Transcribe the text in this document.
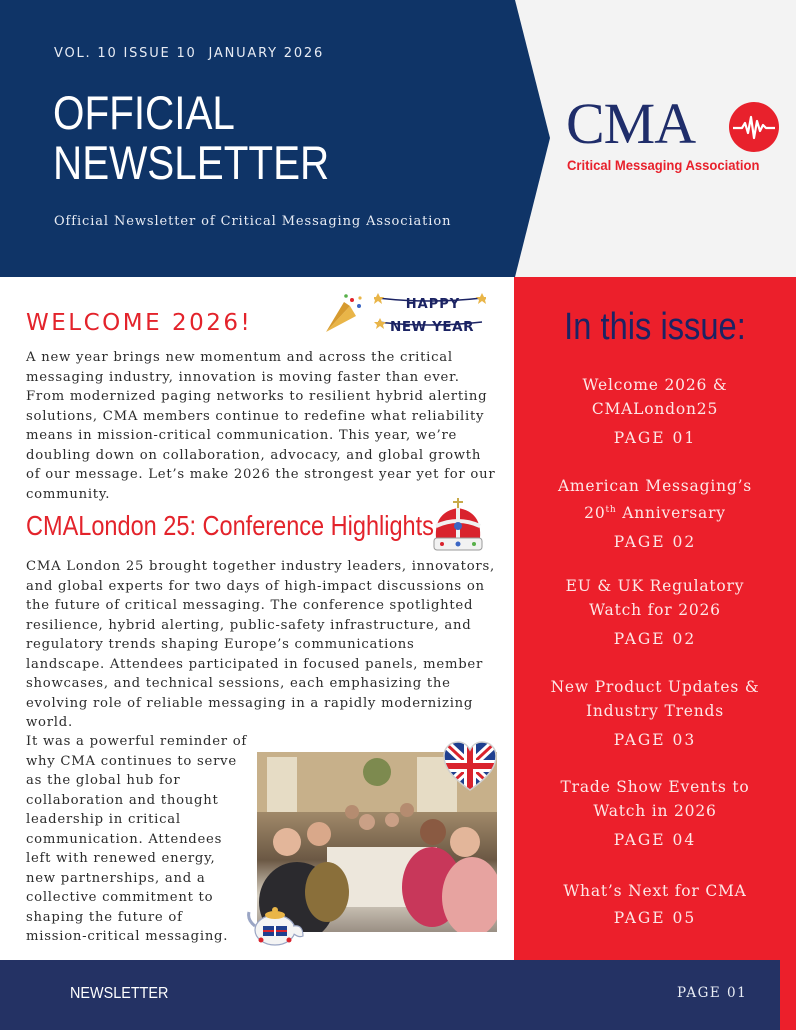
VOL. 10 ISSUE 10  JANUARY 2026
OFFICIAL
NEWSLETTER
Official Newsletter of Critical Messaging Association
CMA
Critical Messaging Association
WELCOME 2026!
HAPPY
NEW YEAR

A new year brings new momentum and across the critical messaging industry, innovation is moving faster than ever. From modernized paging networks to resilient hybrid alerting solutions, CMA members continue to redefine what reliability means in mission-critical communication. This year, we’re doubling down on collaboration, advocacy, and global growth of our message. Let’s make 2026 the strongest year yet for our community.

CMALondon 25: Conference Highlights

CMA London 25 brought together industry leaders, innovators, and global experts for two days of high-impact discussions on the future of critical messaging. The conference spotlighted resilience, hybrid alerting, public-safety infrastructure, and regulatory trends shaping Europe’s communications landscape. Attendees participated in focused panels, member showcases, and technical sessions, each emphasizing the evolving role of reliable messaging in a rapidly modernizing world.

It was a powerful reminder of why CMA continues to serve as the global hub for collaboration and thought leadership in critical communication. Attendees left with renewed energy, new partnerships, and a collective commitment to shaping the future of mission-critical messaging.

In this issue:
Welcome 2026 & CMALondon25
PAGE 01
American Messaging’s
20th Anniversary
PAGE 02
EU & UK Regulatory Watch for 2026
PAGE 02
New Product Updates & Industry Trends
PAGE 03
Trade Show Events to Watch in 2026
PAGE 04
What’s Next for CMA
PAGE 05
NEWSLETTER	PAGE 01
